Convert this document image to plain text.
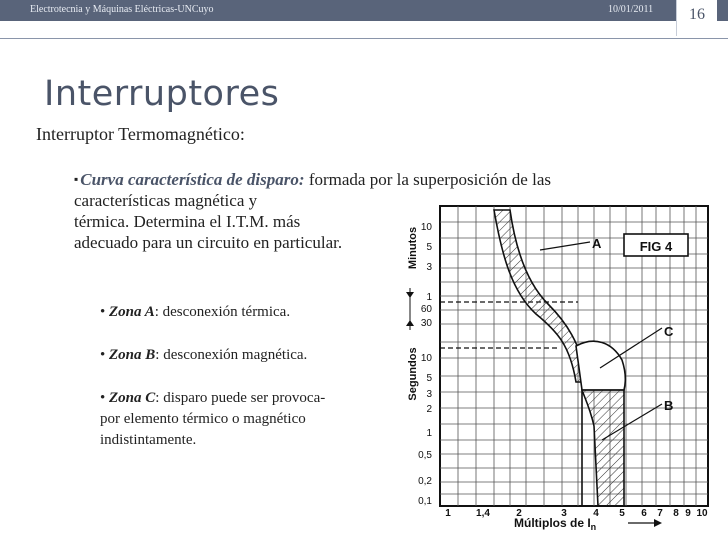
Electrotecnia y Máquinas Eléctricas-UNCuyo	10/01/2011	16
Interruptores
Interruptor Termomagnético:
▪ Curva característica de disparo: formada por la superposición de las
características magnética y
térmica. Determina el I.T.M. más
adecuado para un circuito en particular.
• Zona A: desconexión térmica.
• Zona B: desconexión magnética.
• Zona C: disparo puede ser provoca-
por elemento térmico o magnético
indistintamente.
FIG 4
A
C
B
Minutos
Segundos
10
5
3
1
60
30
10
5
3
2
1
0,5
0,2
0,1
1	1,4	2	3	4 5 6 7 8 9 10
Múltiplos de $I_n$
